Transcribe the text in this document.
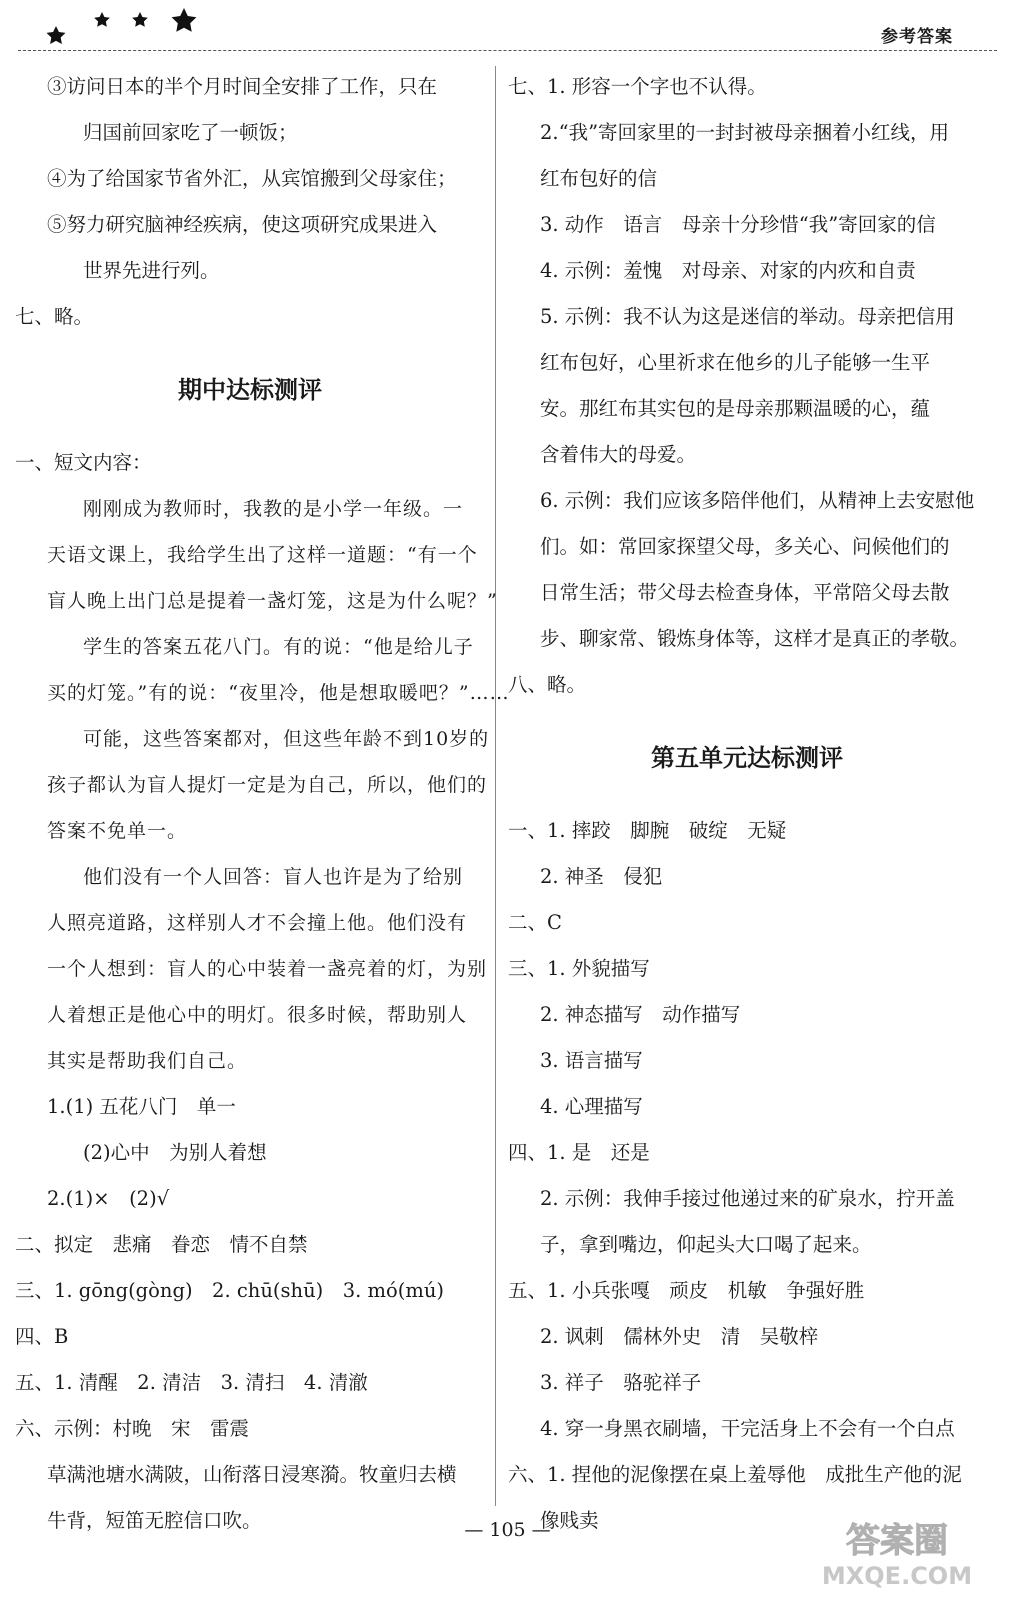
参考答案
③访问日本的半个月时间全安排了工作，只在
归国前回家吃了一顿饭；
④为了给国家节省外汇，从宾馆搬到父母家住；
⑤努力研究脑神经疾病，使这项研究成果进入
世界先进行列。
七、略。
期中达标测评
一、短文内容：
刚刚成为教师时，我教的是小学一年级。一
天语文课上，我给学生出了这样一道题：“有一个
盲人晚上出门总是提着一盏灯笼，这是为什么呢？”
学生的答案五花八门。有的说：“他是给儿子
买的灯笼。”有的说：“夜里冷，他是想取暖吧？”……
可能，这些答案都对，但这些年龄不到10岁的
孩子都认为盲人提灯一定是为自己，所以，他们的
答案不免单一。
他们没有一个人回答：盲人也许是为了给别
人照亮道路，这样别人才不会撞上他。他们没有
一个人想到：盲人的心中装着一盏亮着的灯，为别
人着想正是他心中的明灯。很多时候，帮助别人
其实是帮助我们自己。
1.(1) 五花八门　单一
(2)心中　为别人着想
2.(1)×　(2)√
二、拟定　悲痛　眷恋　情不自禁
三、1. gōng(gòng)　2. chū(shū)　3. mó(mú)
四、B
五、1. 清醒　2. 清洁　3. 清扫　4. 清澈
六、示例：村晚　宋　雷震
草满池塘水满陂，山衔落日浸寒漪。牧童归去横
牛背，短笛无腔信口吹。
七、1. 形容一个字也不认得。
2.“我”寄回家里的一封封被母亲捆着小红线，用
红布包好的信
3. 动作　语言　母亲十分珍惜“我”寄回家的信
4. 示例：羞愧　对母亲、对家的内疚和自责
5. 示例：我不认为这是迷信的举动。母亲把信用
红布包好，心里祈求在他乡的儿子能够一生平
安。那红布其实包的是母亲那颗温暖的心，蕴
含着伟大的母爱。
6. 示例：我们应该多陪伴他们，从精神上去安慰他
们。如：常回家探望父母，多关心、问候他们的
日常生活；带父母去检查身体，平常陪父母去散
步、聊家常、锻炼身体等，这样才是真正的孝敬。
八、略。
第五单元达标测评
一、1. 摔跤　脚腕　破绽　无疑
2. 神圣　侵犯
二、C
三、1. 外貌描写
2. 神态描写　动作描写
3. 语言描写
4. 心理描写
四、1. 是　还是
2. 示例：我伸手接过他递过来的矿泉水，拧开盖
子，拿到嘴边，仰起头大口喝了起来。
五、1. 小兵张嘎　顽皮　机敏　争强好胜
2. 讽刺　儒林外史　清　吴敬梓
3. 祥子　骆驼祥子
4. 穿一身黑衣刷墙，干完活身上不会有一个白点
六、1. 捏他的泥像摆在桌上羞辱他　成批生产他的泥
像贱卖
— 105 —	答案圈
MXQE.COM
